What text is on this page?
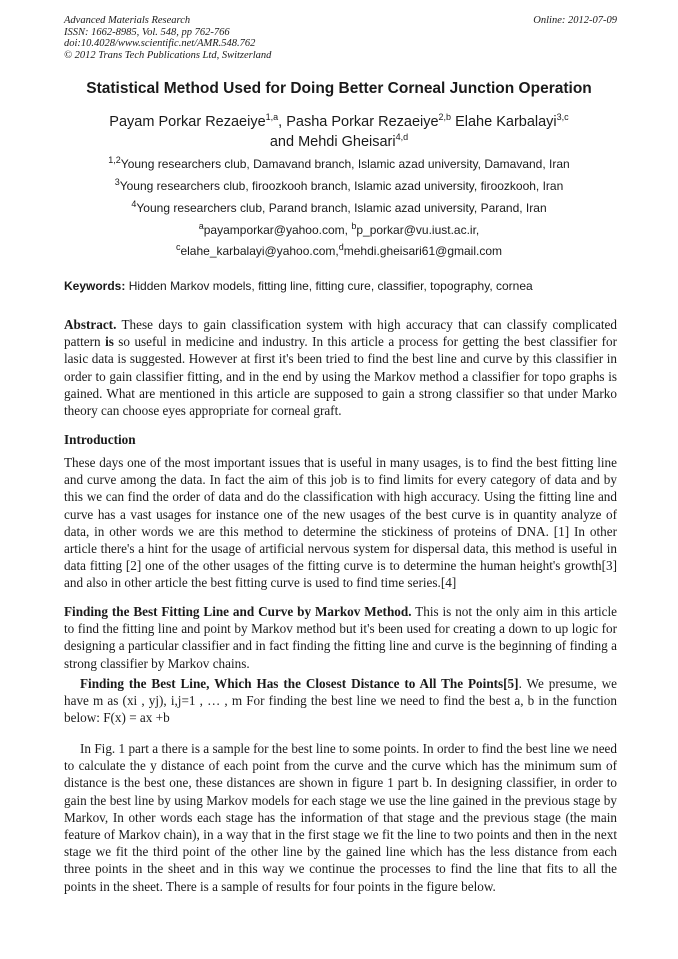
Advanced Materials Research
ISSN: 1662-8985, Vol. 548, pp 762-766
doi:10.4028/www.scientific.net/AMR.548.762
© 2012 Trans Tech Publications Ltd, Switzerland
Online: 2012-07-09
Statistical Method Used for Doing Better Corneal Junction Operation
Payam Porkar Rezaeiye$^{1,a}$, Pasha Porkar Rezaeiye$^{2,b}$ Elahe Karbalayi$^{3,c}$
and Mehdi Gheisari$^{4,d}$
$^{1,2}$Young researchers club, Damavand branch, Islamic azad university, Damavand, Iran
$^3$Young researchers club, firoozkooh branch, Islamic azad university, firoozkooh, Iran
$^4$Young researchers club, Parand branch, Islamic azad university, Parand, Iran
$^a$payamporkar@yahoo.com, $^b$p_porkar@vu.iust.ac.ir,
$^c$elahe_karbalayi@yahoo.com,$^d$mehdi.gheisari61@gmail.com
Keywords: Hidden Markov models, fitting line, fitting cure, classifier, topography, cornea
Abstract. These days to gain classification system with high accuracy that can classify complicated pattern is so useful in medicine and industry. In this article a process for getting the best classifier for lasic data is suggested. However at first it's been tried to find the best line and curve by this classifier in order to gain classifier fitting, and in the end by using the Markov method a classifier for topo graphs is gained. What are mentioned in this article are supposed to gain a strong classifier so that under Marko theory can choose eyes appropriate for corneal graft.
Introduction
These days one of the most important issues that is useful in many usages, is to find the best fitting line and curve among the data. In fact the aim of this job is to find limits for every category of data and by this we can find the order of data and do the classification with high accuracy. Using the fitting line and curve has a vast usages for instance one of the new usages of the best curve is in quantity analyze of data, in other words we are this method to determine the stickiness of proteins of DNA. [1] In other article there's a hint for the usage of artificial nervous system for dispersal data, this method is useful in data fitting [2] one of the other usages of the fitting curve is to determine the human height's growth[3] and also in other article the best fitting curve is used to find time series.[4]
Finding the Best Fitting Line and Curve by Markov Method. This is not the only aim in this article to find the fitting line and point by Markov method but it's been used for creating a down to up logic for designing a particular classifier and in fact finding the fitting line and curve is the beginning of finding a strong classifier by Markov chains.
Finding the Best Line, Which Has the Closest Distance to All The Points[5]. We presume, we have m as (xi , yj), i,j=1 , … , m For finding the best line we need to find the best a, b in the function below: F(x) = ax +b
In Fig. 1 part a there is a sample for the best line to some points. In order to find the best line we need to calculate the y distance of each point from the curve and the curve which has the minimum sum of distance is the best one, these distances are shown in figure 1 part b. In designing classifier, in order to gain the best line by using Markov models for each stage we use the line gained in the previous stage by Markov, In other words each stage has the information of that stage and the previous stage (the main feature of Markov chain), in a way that in the first stage we fit the line to two points and then in the next stage we fit the third point of the other line by the gained line which has the less distance from each three points in the sheet and in this way we continue the processes to find the line that fits to all the points in the sheet. There is a sample of results for four points in the figure below.
